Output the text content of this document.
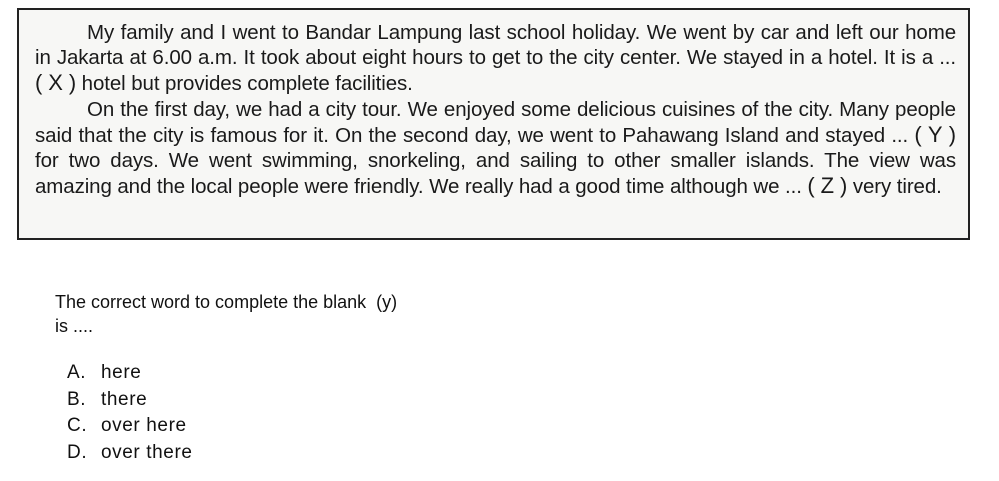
My family and I went to Bandar Lampung last school holiday. We went by car and left our home in Jakarta at 6.00 a.m. It took about eight hours to get to the city center. We stayed in a hotel. It is a ... ( X ) hotel but provides complete facilities.

On the first day, we had a city tour. We enjoyed some delicious cuisines of the city. Many people said that the city is famous for it. On the second day, we went to Pahawang Island and stayed ... ( Y ) for two days. We went swimming, snorkeling, and sailing to other smaller islands. The view was amazing and the local people were friendly. We really had a good time although we ... ( Z ) very tired.

The correct word to complete the blank  (y)
is ....
A. here
B. there
C. over here
D. over there
